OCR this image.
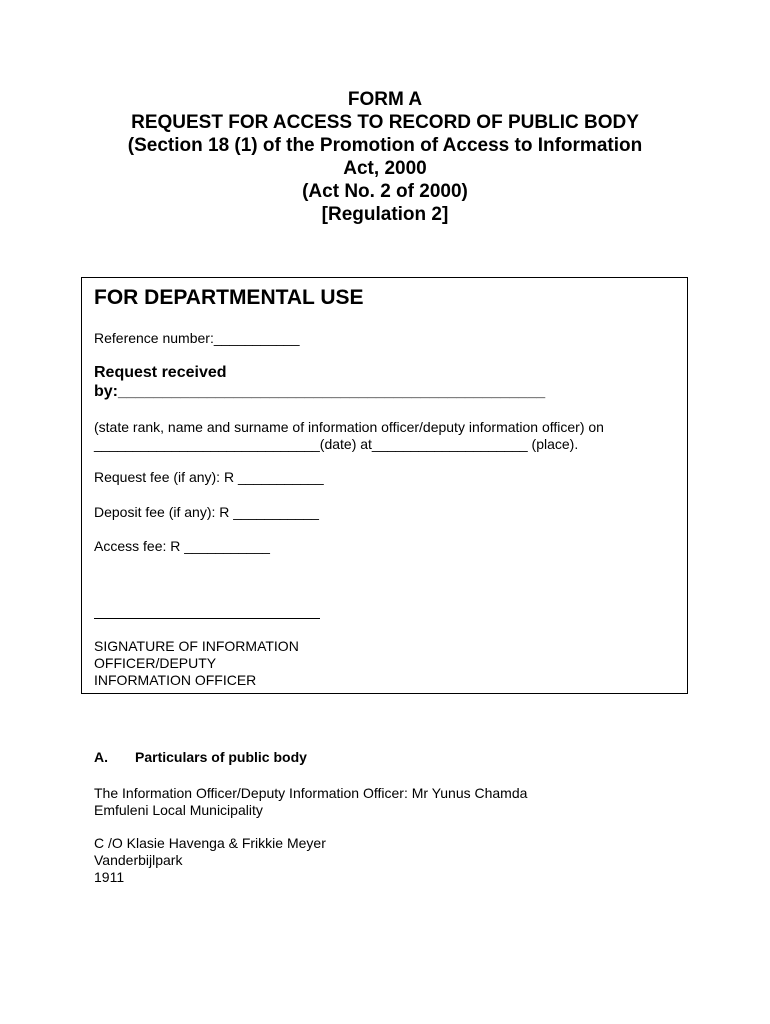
FORM A
REQUEST FOR ACCESS TO RECORD OF PUBLIC BODY
(Section 18 (1) of the Promotion of Access to Information
Act, 2000
(Act No. 2 of 2000)
[Regulation 2]
FOR DEPARTMENTAL USE
Reference number:___________
Request received
by:________________________________________________
(state rank, name and surname of information officer/deputy information officer) on
_____________________________(date) at____________________ (place).
Request fee (if any): R ___________
Deposit fee (if any): R ___________
Access fee: R ___________
SIGNATURE OF INFORMATION
OFFICER/DEPUTY
INFORMATION OFFICER
A. Particulars of public body
The Information Officer/Deputy Information Officer: Mr Yunus Chamda
Emfuleni Local Municipality
C /O Klasie Havenga & Frikkie Meyer
Vanderbijlpark
1911
